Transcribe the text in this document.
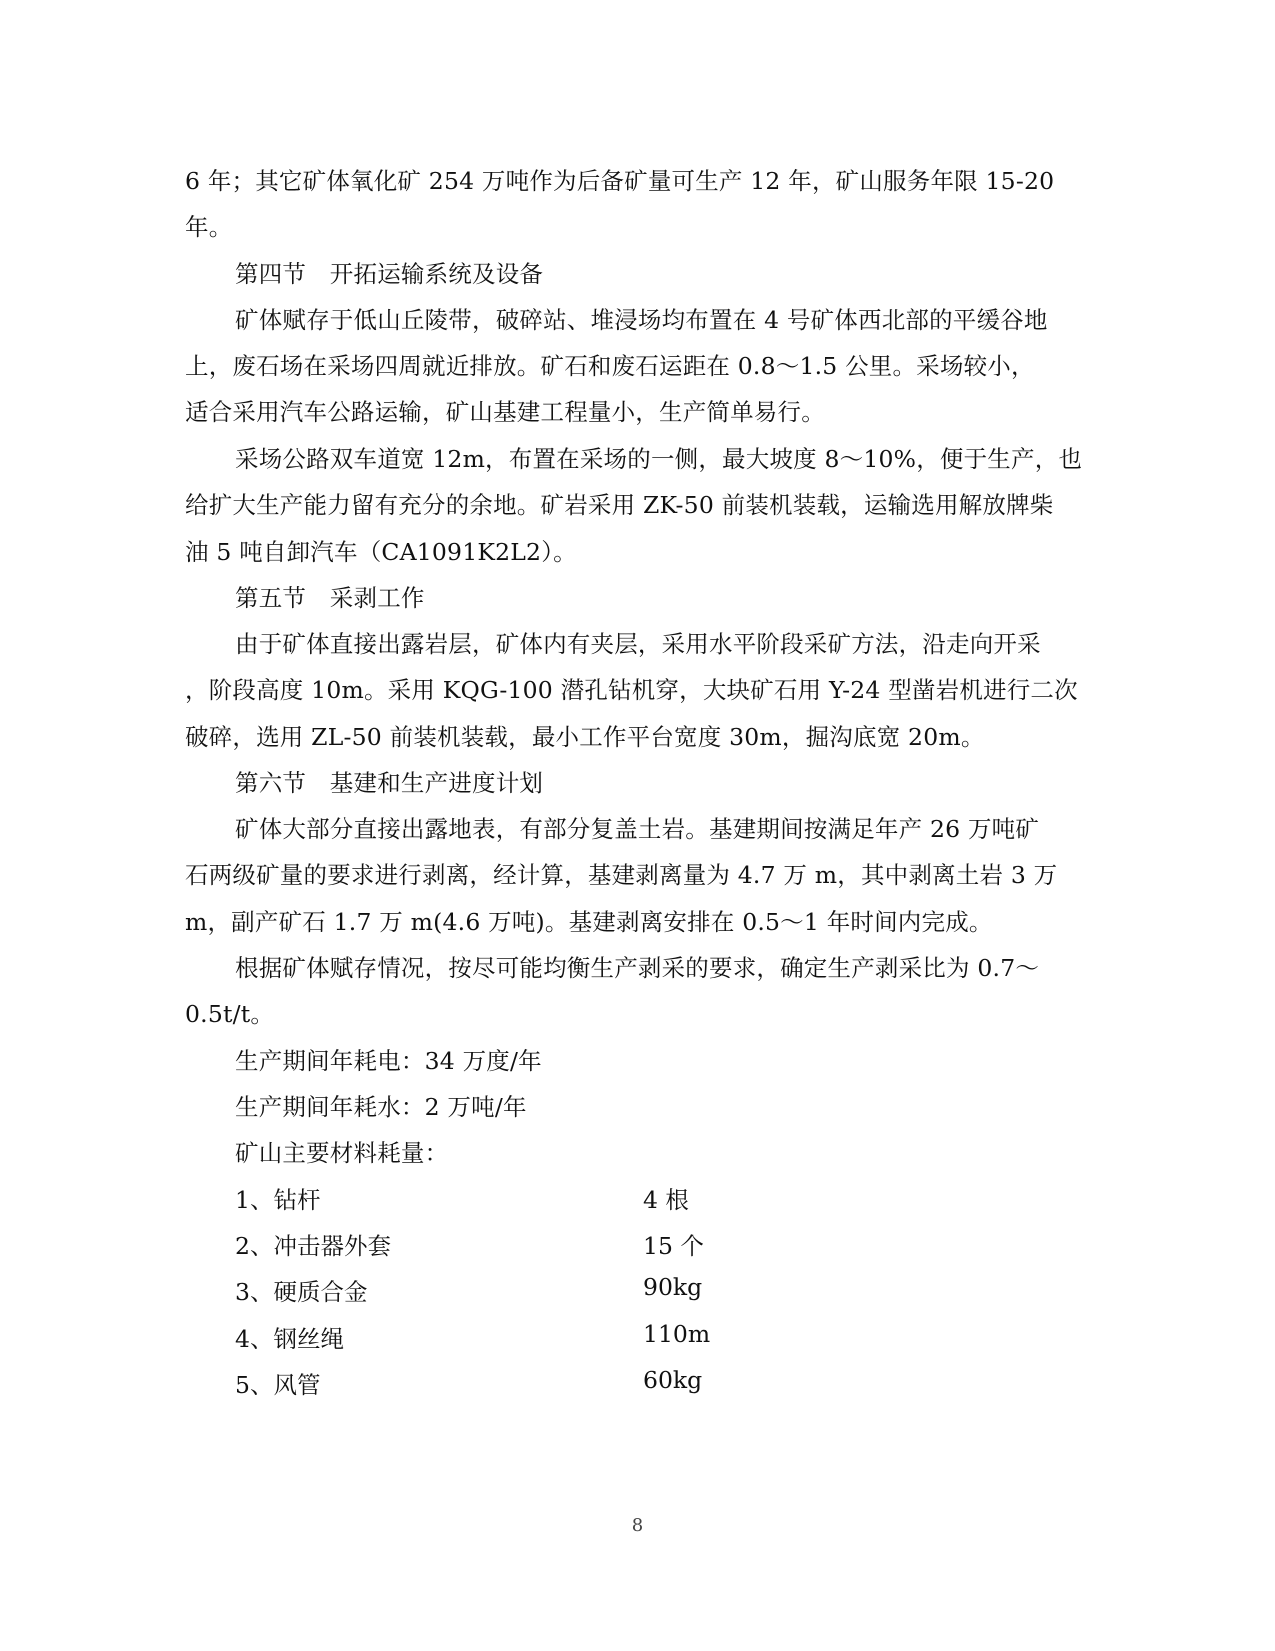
6 年；其它矿体氧化矿 254 万吨作为后备矿量可生产 12 年，矿山服务年限 15-20
年。
第四节　开拓运输系统及设备
矿体赋存于低山丘陵带，破碎站、堆浸场均布置在 4 号矿体西北部的平缓谷地
上，废石场在采场四周就近排放。矿石和废石运距在 0.8～1.5 公里。采场较小，
适合采用汽车公路运输，矿山基建工程量小，生产简单易行。
采场公路双车道宽 12m，布置在采场的一侧，最大坡度 8～10%，便于生产，也
给扩大生产能力留有充分的余地。矿岩采用 ZK-50 前装机装载，运输选用解放牌柴
油 5 吨自卸汽车（CA1091K2L2）。
第五节　采剥工作
由于矿体直接出露岩层，矿体内有夹层，采用水平阶段采矿方法，沿走向开采
，阶段高度 10m。采用 KQG-100 潜孔钻机穿，大块矿石用 Y-24 型凿岩机进行二次
破碎，选用 ZL-50 前装机装载，最小工作平台宽度 30m，掘沟底宽 20m。
第六节　基建和生产进度计划
矿体大部分直接出露地表，有部分复盖土岩。基建期间按满足年产 26 万吨矿
石两级矿量的要求进行剥离，经计算，基建剥离量为 4.7 万 m，其中剥离土岩 3 万
m，副产矿石 1.7 万 m(4.6 万吨)。基建剥离安排在 0.5～1 年时间内完成。
根据矿体赋存情况，按尽可能均衡生产剥采的要求，确定生产剥采比为 0.7～
0.5t/t。
生产期间年耗电：34 万度/年
生产期间年耗水：2 万吨/年
矿山主要材料耗量：
1、钻杆	4 根
2、冲击器外套	15 个
3、硬质合金	90kg
4、钢丝绳	110m
5、风管	60kg
8
